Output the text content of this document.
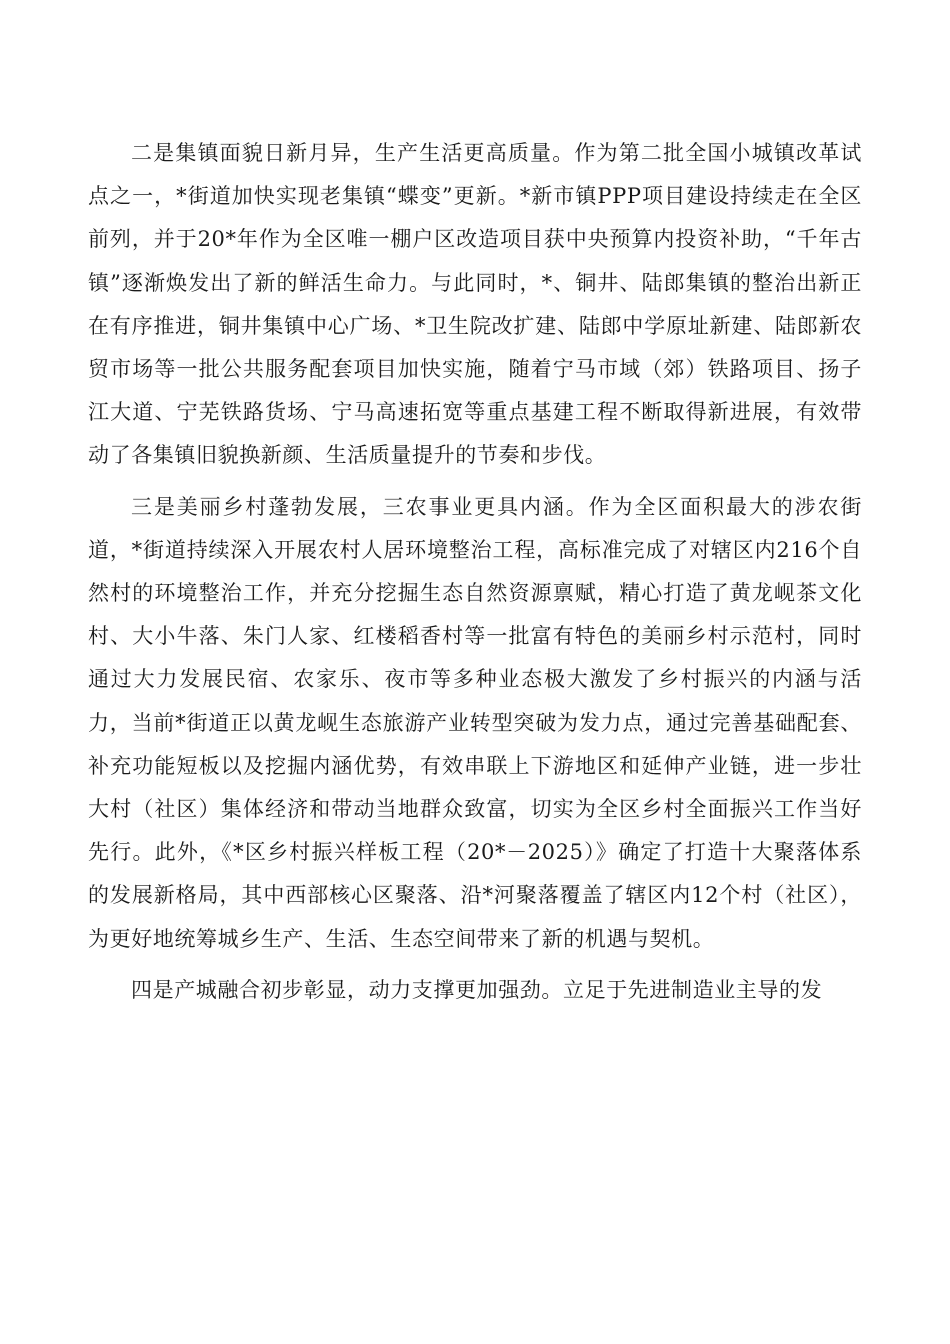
二是集镇面貌日新月异，生产生活更高质量。作为第二批全国小城镇改革试点之一，*街道加快实现老集镇“蝶变”更新。*新市镇PPP项目建设持续走在全区前列，并于20*年作为全区唯一棚户区改造项目获中央预算内投资补助，“千年古镇”逐渐焕发出了新的鲜活生命力。与此同时，*、铜井、陆郎集镇的整治出新正在有序推进，铜井集镇中心广场、*卫生院改扩建、陆郎中学原址新建、陆郎新农贸市场等一批公共服务配套项目加快实施，随着宁马市域（郊）铁路项目、扬子江大道、宁芜铁路货场、宁马高速拓宽等重点基建工程不断取得新进展，有效带动了各集镇旧貌换新颜、生活质量提升的节奏和步伐。

三是美丽乡村蓬勃发展，三农事业更具内涵。作为全区面积最大的涉农街道，*街道持续深入开展农村人居环境整治工程，高标准完成了对辖区内216个自然村的环境整治工作，并充分挖掘生态自然资源禀赋，精心打造了黄龙岘茶文化村、大小牛落、朱门人家、红楼稻香村等一批富有特色的美丽乡村示范村，同时通过大力发展民宿、农家乐、夜市等多种业态极大激发了乡村振兴的内涵与活力，当前*街道正以黄龙岘生态旅游产业转型突破为发力点，通过完善基础配套、补充功能短板以及挖掘内涵优势，有效串联上下游地区和延伸产业链，进一步壮大村（社区）集体经济和带动当地群众致富，切实为全区乡村全面振兴工作当好先行。此外，《*区乡村振兴样板工程（20*－2025）》确定了打造十大聚落体系的发展新格局，其中西部核心区聚落、沿*河聚落覆盖了辖区内12个村（社区），为更好地统筹城乡生产、生活、生态空间带来了新的机遇与契机。

四是产城融合初步彰显，动力支撑更加强劲。立足于先进制造业主导的发
